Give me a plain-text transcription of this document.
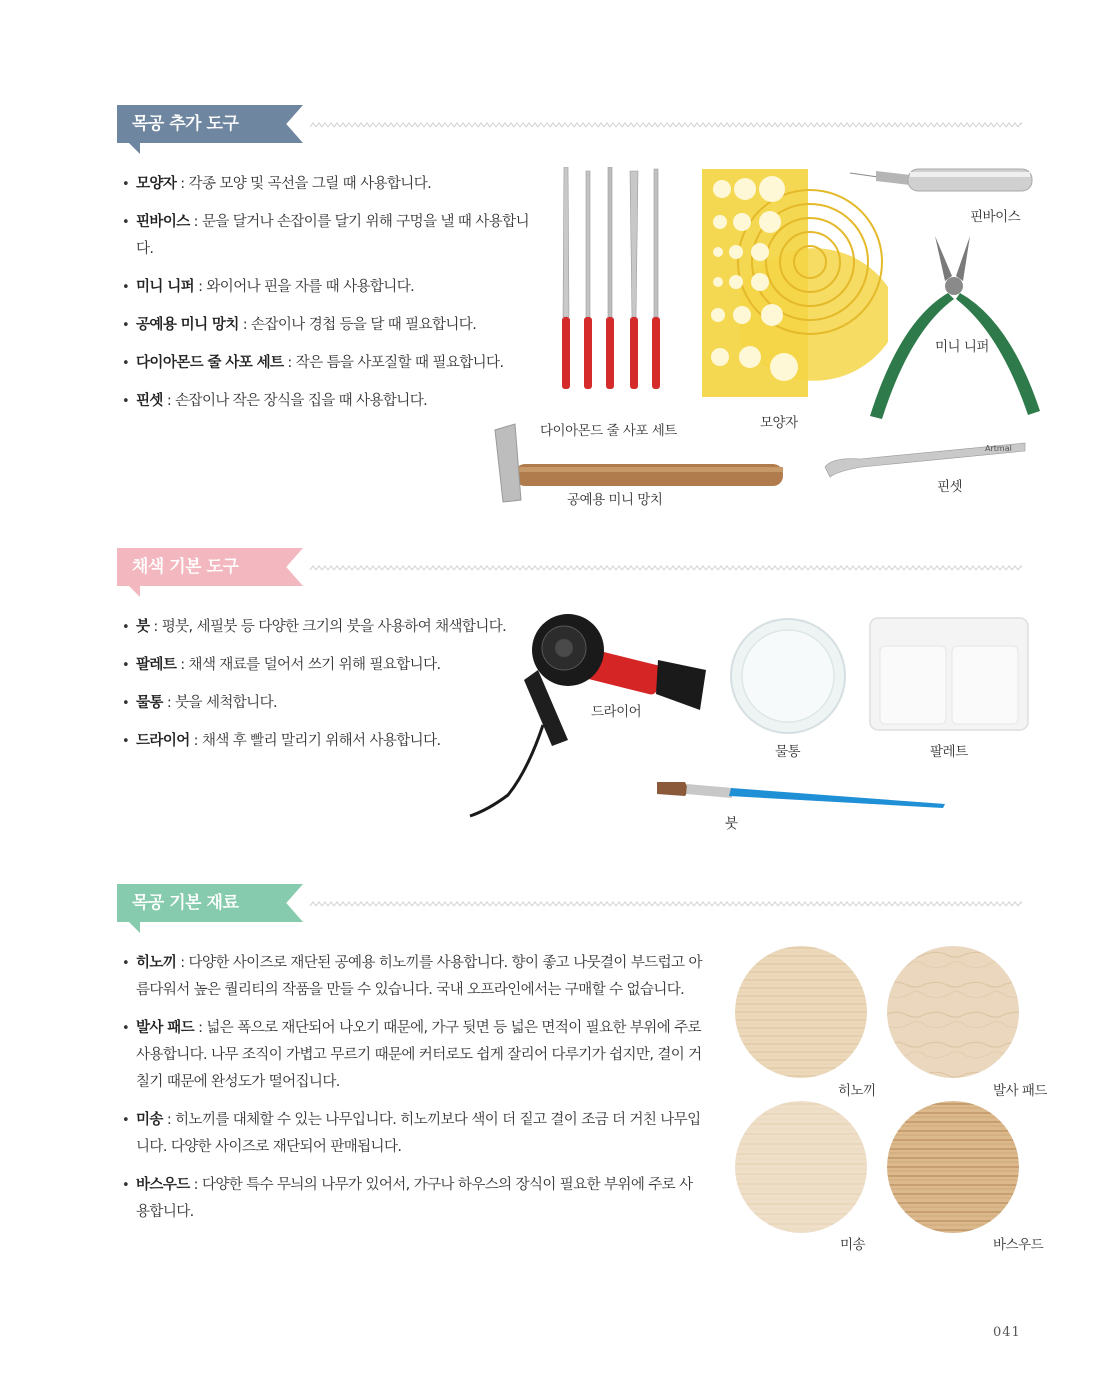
목공 추가 도구
• 모양자 : 각종 모양 및 곡선을 그릴 때 사용합니다.
• 핀바이스 : 문을 달거나 손잡이를 달기 위해 구멍을 낼 때 사용합니다.
• 미니 니퍼 : 와이어나 핀을 자를 때 사용합니다.
• 공예용 미니 망치 : 손잡이나 경첩 등을 달 때 필요합니다.
• 다이아몬드 줄 사포 세트 : 작은 틈을 사포질할 때 필요합니다.
• 핀셋 : 손잡이나 작은 장식을 집을 때 사용합니다.
다이아몬드 줄 사포 세트	모양자
핀바이스
미니 니퍼
공예용 미니 망치
Artmal
핀셋
채색 기본 도구
• 붓 : 평붓, 세필붓 등 다양한 크기의 붓을 사용하여 채색합니다.
• 팔레트 : 채색 재료를 덜어서 쓰기 위해 필요합니다.
• 물통 : 붓을 세척합니다.
• 드라이어 : 채색 후 빨리 말리기 위해서 사용합니다.
드라이어
물통	팔레트
붓
목공 기본 재료
• 히노끼 : 다양한 사이즈로 재단된 공예용 히노끼를 사용합니다. 향이 좋고 나뭇결이 부드럽고 아름다워서 높은 퀄리티의 작품을 만들 수 있습니다. 국내 오프라인에서는 구매할 수 없습니다.
• 발사 패드 : 넓은 폭으로 재단되어 나오기 때문에, 가구 뒷면 등 넓은 면적이 필요한 부위에 주로 사용합니다. 나무 조직이 가볍고 무르기 때문에 커터로도 쉽게 잘리어 다루기가 쉽지만, 결이 거칠기 때문에 완성도가 떨어집니다.
• 미송 : 히노끼를 대체할 수 있는 나무입니다. 히노끼보다 색이 더 짙고 결이 조금 더 거친 나무입니다. 다양한 사이즈로 재단되어 판매됩니다.
• 바스우드 : 다양한 특수 무늬의 나무가 있어서, 가구나 하우스의 장식이 필요한 부위에 주로 사용합니다.
히노끼	발사 패드
미송	바스우드
041
